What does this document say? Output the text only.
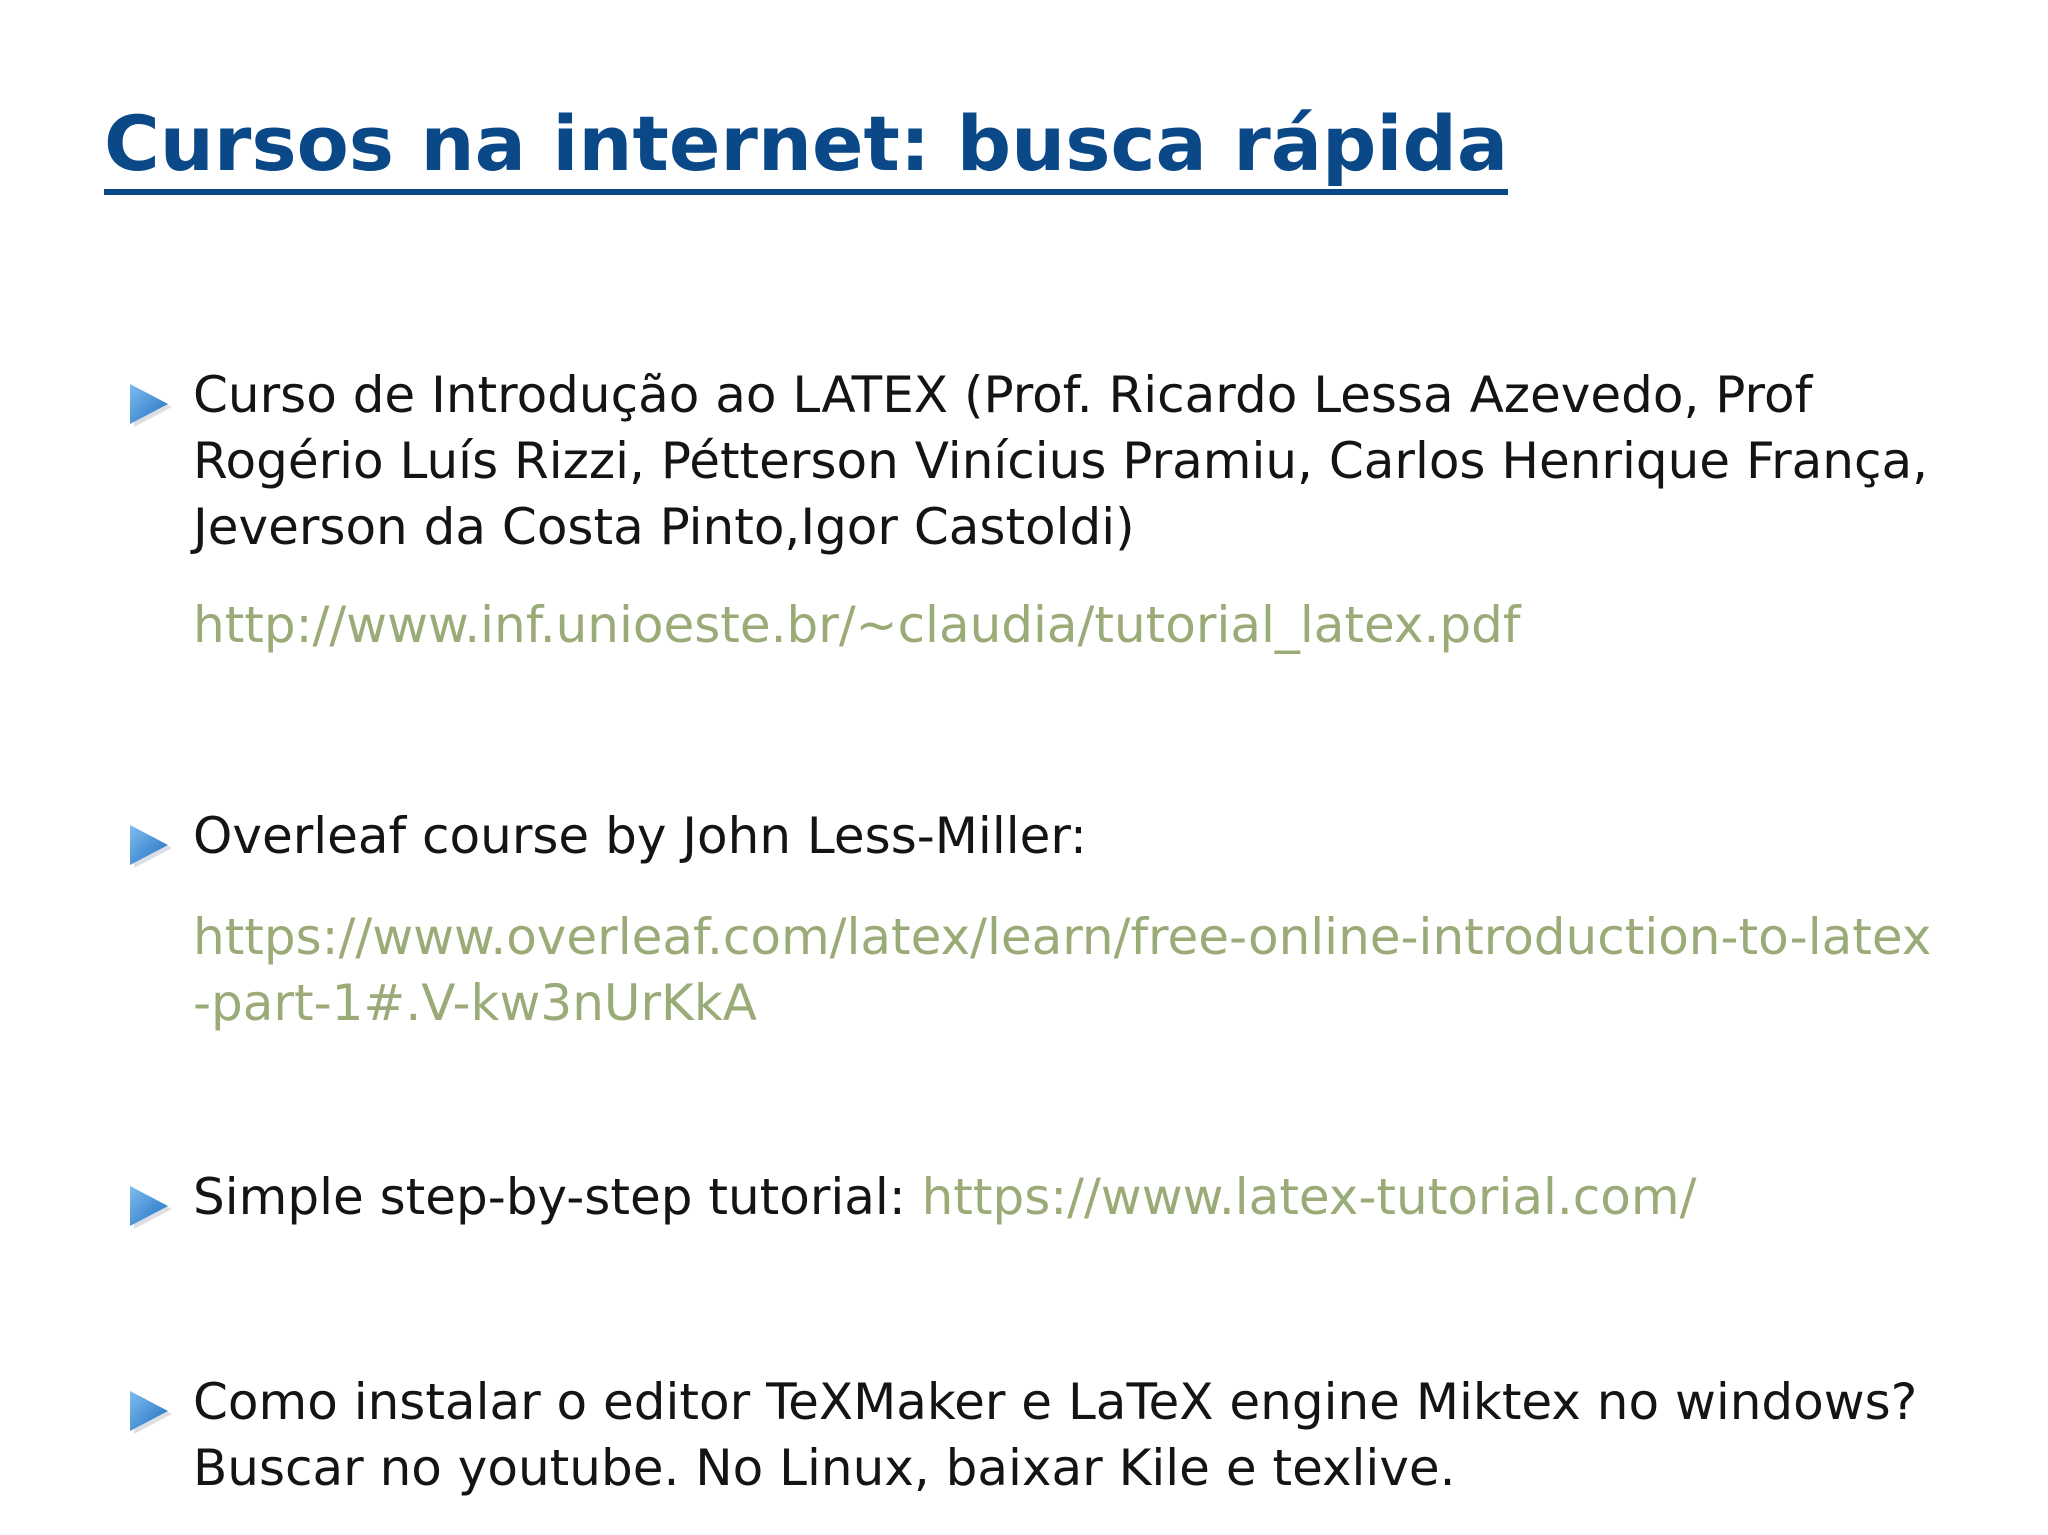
Cursos na internet: busca rápida
Curso de Introdução ao LATEX (Prof. Ricardo Lessa Azevedo, Prof
Rogério Luís Rizzi, Pétterson Vinícius Pramiu, Carlos Henrique França,
Jeverson da Costa Pinto,Igor Castoldi)
http://www.inf.unioeste.br/~claudia/tutorial_latex.pdf
Overleaf course by John Less-Miller:
https://www.overleaf.com/latex/learn/free-online-introduction-to-latex
-part-1#.V-kw3nUrKkA
Simple step-by-step tutorial: https://www.latex-tutorial.com/
Como instalar o editor TeXMaker e LaTeX engine Miktex no windows?
Buscar no youtube. No Linux, baixar Kile e texlive.
